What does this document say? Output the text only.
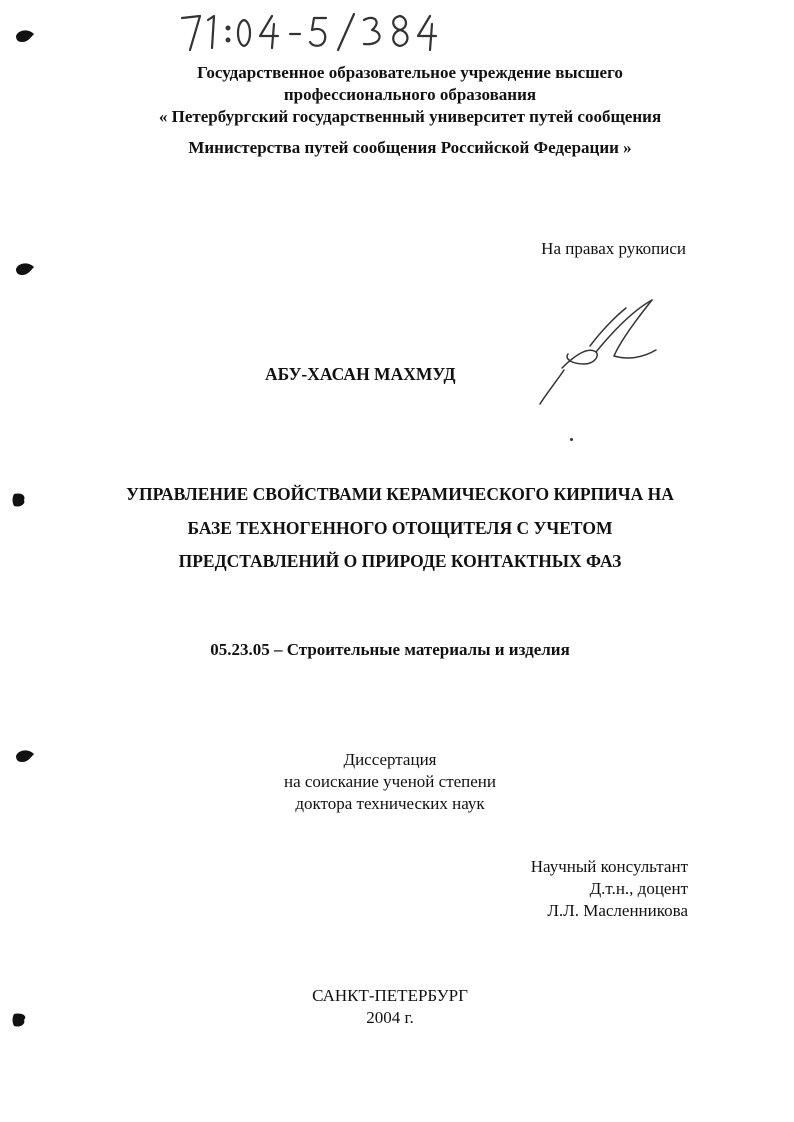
Государственное образовательное учреждение высшего
профессионального образования
« Петербургский государственный университет путей сообщения
Министерства путей сообщения Российской Федерации »
На правах рукописи
АБУ-ХАСАН МАХМУД
УПРАВЛЕНИЕ СВОЙСТВАМИ КЕРАМИЧЕСКОГО КИРПИЧА НА
БАЗЕ ТЕХНОГЕННОГО ОТОЩИТЕЛЯ С УЧЕТОМ
ПРЕДСТАВЛЕНИЙ О ПРИРОДЕ КОНТАКТНЫХ ФАЗ
05.23.05 – Строительные материалы и изделия
Диссертация
на соискание ученой степени
доктора технических наук
Научный консультант
Д.т.н., доцент
Л.Л. Масленникова
САНКТ-ПЕТЕРБУРГ
2004 г.
